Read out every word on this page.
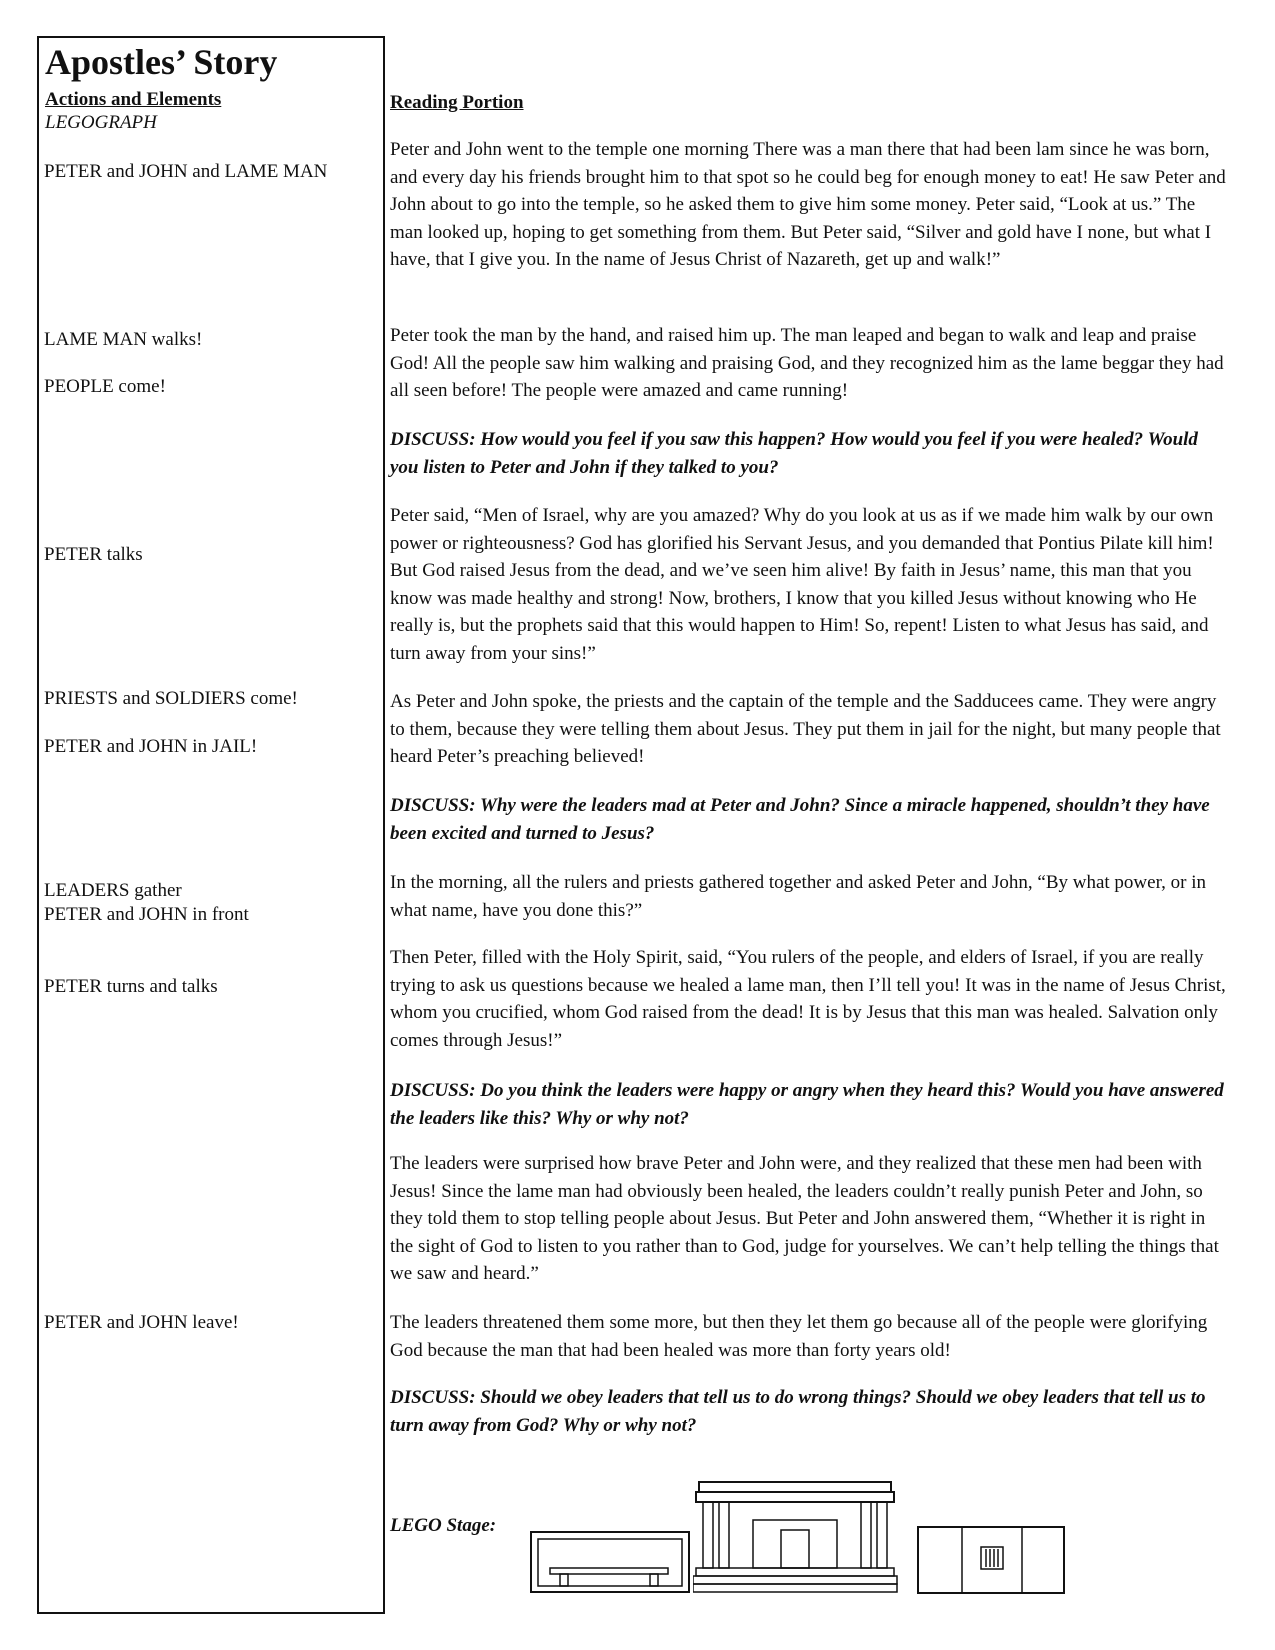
Apostles’ Story
Actions and Elements
LEGOGRAPH
PETER and JOHN and LAME MAN
LAME MAN walks!
PEOPLE come!
PETER talks
PRIESTS and SOLDIERS come!
PETER and JOHN in JAIL!
LEADERS gather
PETER and JOHN in front
PETER turns and talks
PETER and JOHN leave!
Reading Portion

Peter and John went to the temple one morning There was a man there that had been lam since he was born, and every day his friends brought him to that spot so he could beg for enough money to eat! He saw Peter and John about to go into the temple, so he asked them to give him some money. Peter said, “Look at us.” The man looked up, hoping to get something from them. But Peter said, “Silver and gold have I none, but what I have, that I give you. In the name of Jesus Christ of Nazareth, get up and walk!”

Peter took the man by the hand, and raised him up. The man leaped and began to walk and leap and praise God! All the people saw him walking and praising God, and they recognized him as the lame beggar they had all seen before! The people were amazed and came running!

DISCUSS: How would you feel if you saw this happen? How would you feel if you were healed? Would you listen to Peter and John if they talked to you?

Peter said, “Men of Israel, why are you amazed? Why do you look at us as if we made him walk by our own power or righteousness? God has glorified his Servant Jesus, and you demanded that Pontius Pilate kill him! But God raised Jesus from the dead, and we’ve seen him alive! By faith in Jesus’ name, this man that you know was made healthy and strong! Now, brothers, I know that you killed Jesus without knowing who He really is, but the prophets said that this would happen to Him! So, repent! Listen to what Jesus has said, and turn away from your sins!”

As Peter and John spoke, the priests and the captain of the temple and the Sadducees came. They were angry to them, because they were telling them about Jesus. They put them in jail for the night, but many people that heard Peter’s preaching believed!

DISCUSS: Why were the leaders mad at Peter and John? Since a miracle happened, shouldn’t they have been excited and turned to Jesus?

In the morning, all the rulers and priests gathered together and asked Peter and John, “By what power, or in what name, have you done this?”

Then Peter, filled with the Holy Spirit, said, “You rulers of the people, and elders of Israel, if you are really trying to ask us questions because we healed a lame man, then I’ll tell you! It was in the name of Jesus Christ, whom you crucified, whom God raised from the dead! It is by Jesus that this man was healed. Salvation only comes through Jesus!”

DISCUSS: Do you think the leaders were happy or angry when they heard this? Would you have answered the leaders like this? Why or why not?

The leaders were surprised how brave Peter and John were, and they realized that these men had been with Jesus! Since the lame man had obviously been healed, the leaders couldn’t really punish Peter and John, so they told them to stop telling people about Jesus. But Peter and John answered them, “Whether it is right in the sight of God to listen to you rather than to God, judge for yourselves. We can’t help telling the things that we saw and heard.”

The leaders threatened them some more, but then they let them go because all of the people were glorifying God because the man that had been healed was more than forty years old!

DISCUSS: Should we obey leaders that tell us to do wrong things? Should we obey leaders that tell us to turn away from God? Why or why not?

LEGO Stage:
